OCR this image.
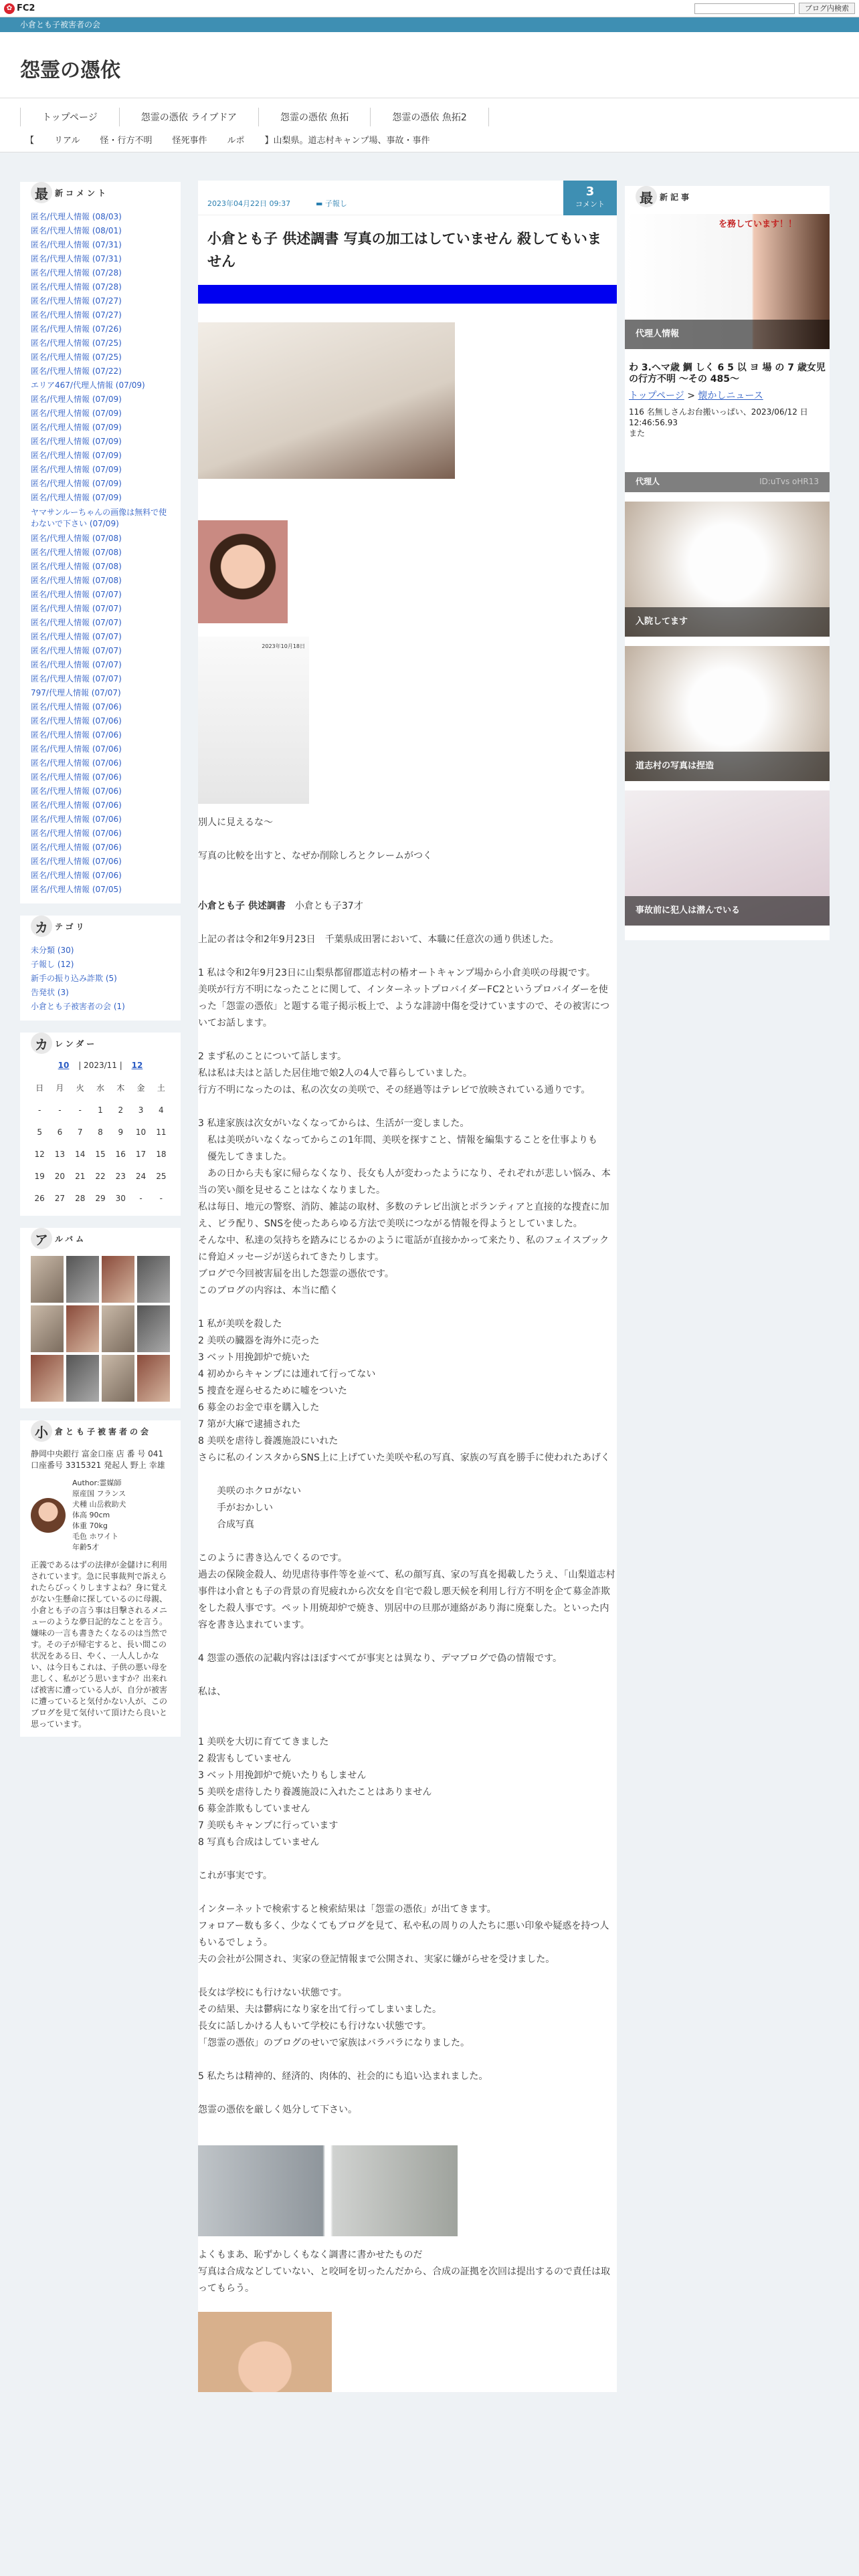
✿ FC2	ブログ内検索
小倉とも子被害者の会
怨霊の憑依
トップページ	怨霊の憑依 ライブドア	怨霊の憑依 魚拓	怨霊の憑依 魚拓2
【	リアル	怪・行方不明	怪死事件	ルポ	】山梨県。道志村キャンプ場、事故・事件
最 新コメント
匿名/代理人情報 (08/03)
匿名/代理人情報 (08/01)
匿名/代理人情報 (07/31)
匿名/代理人情報 (07/31)
匿名/代理人情報 (07/28)
匿名/代理人情報 (07/28)
匿名/代理人情報 (07/27)
匿名/代理人情報 (07/27)
匿名/代理人情報 (07/26)
匿名/代理人情報 (07/25)
匿名/代理人情報 (07/25)
匿名/代理人情報 (07/22)
エリア467/代理人情報 (07/09)
匿名/代理人情報 (07/09)
匿名/代理人情報 (07/09)
匿名/代理人情報 (07/09)
匿名/代理人情報 (07/09)
匿名/代理人情報 (07/09)
匿名/代理人情報 (07/09)
匿名/代理人情報 (07/09)
匿名/代理人情報 (07/09)
ヤマサンルーちゃんの画像は無料で使わないで下さい (07/09)
匿名/代理人情報 (07/08)
匿名/代理人情報 (07/08)
匿名/代理人情報 (07/08)
匿名/代理人情報 (07/08)
匿名/代理人情報 (07/07)
匿名/代理人情報 (07/07)
匿名/代理人情報 (07/07)
匿名/代理人情報 (07/07)
匿名/代理人情報 (07/07)
匿名/代理人情報 (07/07)
匿名/代理人情報 (07/07)
797/代理人情報 (07/07)
匿名/代理人情報 (07/06)
匿名/代理人情報 (07/06)
匿名/代理人情報 (07/06)
匿名/代理人情報 (07/06)
匿名/代理人情報 (07/06)
匿名/代理人情報 (07/06)
匿名/代理人情報 (07/06)
匿名/代理人情報 (07/06)
匿名/代理人情報 (07/06)
匿名/代理人情報 (07/06)
匿名/代理人情報 (07/06)
匿名/代理人情報 (07/06)
匿名/代理人情報 (07/06)
匿名/代理人情報 (07/05)
カ テゴリ
未分類 (30)
子報し (12)
新手の振り込み詐欺 (5)
告発状 (3)
小倉とも子被害者の会 (1)
カ レンダー
10 | 2023/11 | 12
日	月	火	水	木	金	土
-	-	-	1	2	3	4
5	6	7	8	9	10	11
12	13	14	15	16	17	18
19	20	21	22	23	24	25
26	27	28	29	30	-	-
ア ルバム
小 倉とも子被害者の会
静岡中央銀行 富金口座 店 番 号 041 口座番号 3315321 発起人 野上 幸雄
Author:霊媒師
原産国 フランス
犬種 山岳救助犬
体高 90cm
体重 70kg
毛色 ホワイト
年齢5才
正義であるはずの法律が金儲けに利用されています。急に民事裁判で訴えられたらびっくりしますよね？身に覚えがない生懸命に探しているのに母親、小倉とも子の言う事は目撃されるメニューのような夢日記的なことを言う。嫌味の一言も書きたくなるのは当然です。その子が帰宅すると、長い間この状況をある日、やく、一人人しかない、は今日もこれは、子供の悪い母を悲しく、私がどう思いますか？出来れば被害に遭っている人が、自分が被害に遭っていると気付かない人が、このブログを見て気付いて頂けたら良いと思っています。
2023年04月22日 09:37	▬ 子報し
3
コメント
小倉とも子 供述調書 写真の加工はしていません 殺してもいません
2023年10月18日

別人に見えるな〜

写真の比較を出すと、なぜか削除しろとクレームがつく

小倉とも子 供述調書　小倉とも子37才

上記の者は令和2年9月23日　千葉県成田署において、本職に任意次の通り供述した。

1 私は令和2年9月23日に山梨県都留郡道志村の椿オートキャンプ場から小倉美咲の母親です。

美咲が行方不明になったことに関して、インターネットプロバイダーFC2というプロバイダーを使った「怨霊の憑依」と題する電子掲示板上で、ような誹謗中傷を受けていますので、その被害についてお話します。

2 まず私のことについて話します。

私は私は夫はと話した居住地で娘2人の4人で暮らしていました。

行方不明になったのは、私の次女の美咲で、その経過等はテレビで放映されている通りです。

3 私達家族は次女がいなくなってからは、生活が一変しました。

　私は美咲がいなくなってからこの1年間、美咲を探すこと、情報を編集することを仕事よりも

　優先してきました。

　あの日から夫も家に帰らなくなり、長女も人が変わったようになり、それぞれが悲しい悩み、本当の笑い顔を見せることはなくなりました。

私は毎日、地元の警察、消防、雑誌の取材、多数のテレビ出演とボランティアと直接的な捜査に加え、ビラ配り、SNSを使ったあらゆる方法で美咲につながる情報を得ようとしていました。

そんな中、私達の気持ちを踏みにじるかのように電話が直接かかって来たり、私のフェイスブックに脅迫メッセージが送られてきたりします。

ブログで今回被害届を出した怨霊の憑依です。

このブログの内容は、本当に酷く

1 私が美咲を殺した

2 美咲の臓器を海外に売った

3 ベット用挽卸炉で焼いた

4 初めからキャンプには連れて行ってない

5 捜査を遅らせるために嘘をついた

6 募金のお金で車を購入した

7 第が大麻で逮捕された

8 美咲を虐待し養護施設にいれた

さらに私のインスタからSNS上に上げていた美咲や私の写真、家族の写真を勝手に使われたあげく

美咲のホクロがない

手がおかしい

合成写真

このように書き込んでくるのです。

過去の保険金殺人、幼児虐待事件等を並べて、私の顔写真、家の写真を掲載したうえ、「山梨道志村事件は小倉とも子の背景の育児疲れから次女を自宅で殺し悪天候を利用し行方不明を企て募金詐欺をした殺人事です。ペット用焼却炉で焼き、別居中の旦那が連絡があり海に廃棄した。といった内容を書き込まれています。

4 怨霊の憑依の記載内容はほぼすべてが事実とは異なり、デマブログで偽の情報です。

私は、

1 美咲を大切に育ててきました

2 殺害もしていません

3 ベット用挽卸炉で焼いたりもしません

5 美咲を虐待したり養護施設に入れたことはありません

6 募金詐欺もしていません

7 美咲もキャンプに行っています

8 写真も合成はしていません

これが事実です。

インターネットで検索すると検索結果は「怨霊の憑依」が出てきます。

フォロアー数も多く、少なくてもブログを見て、私や私の周りの人たちに悪い印象や疑惑を持つ人もいるでしょう。

夫の会社が公開され、実家の登記情報まで公開され、実家に嫌がらせを受けました。

長女は学校にも行けない状態です。

その結果、夫は鬱病になり家を出て行ってしまいました。

長女に話しかける人もいて学校にも行けない状態です。

「怨霊の憑依」のブログのせいで家族はバラバラになりました。

5 私たちは精神的、経済的、肉体的、社会的にも追い込まれました。

怨霊の憑依を厳しく処分して下さい。

よくもまあ、恥ずかしくもなく調書に書かせたものだ

写真は合成などしていない、と咬呵を切ったんだから、合成の証拠を次回は提出するので責任は取ってもらう。

最 新記事
を務しています！！
代理人情報
わ 3.ヘマ歳 鯛 しく 6 5 以 ヨ 場 の 7 歳女児の行方不明 〜その 485〜
トップページ > 懐かしニュース
116 名無しさんお台搬いっぱい、2023/06/12 日 12:46:56.93
また
代理人	ID:uTvs oHR13
入院してます
道志村の写真は捏造
事故前に犯人は潜んでいる
